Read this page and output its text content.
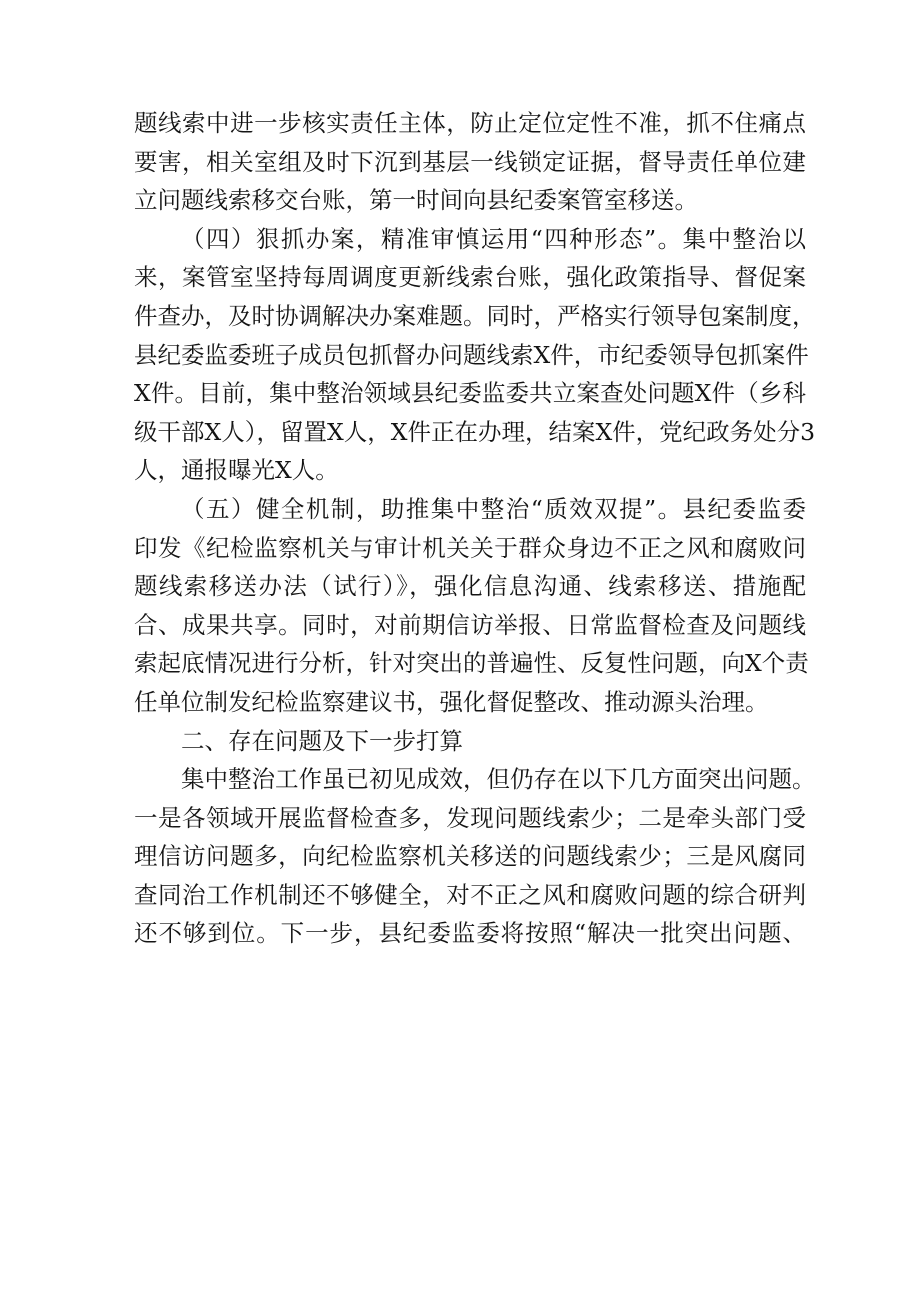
题线索中进一步核实责任主体，防止定位定性不准，抓不住痛点
要害，相关室组及时下沉到基层一线锁定证据，督导责任单位建
立问题线索移交台账，第一时间向县纪委案管室移送。
（四）狠抓办案，精准审慎运用“四种形态”。集中整治以
来，案管室坚持每周调度更新线索台账，强化政策指导、督促案
件查办，及时协调解决办案难题。同时，严格实行领导包案制度，
县纪委监委班子成员包抓督办问题线索X件，市纪委领导包抓案件
X件。目前，集中整治领域县纪委监委共立案查处问题X件（乡科
级干部X人），留置X人，X件正在办理，结案X件，党纪政务处分3
人，通报曝光X人。
（五）健全机制，助推集中整治“质效双提”。县纪委监委
印发《纪检监察机关与审计机关关于群众身边不正之风和腐败问
题线索移送办法（试行）》，强化信息沟通、线索移送、措施配
合、成果共享。同时，对前期信访举报、日常监督检查及问题线
索起底情况进行分析，针对突出的普遍性、反复性问题，向X个责
任单位制发纪检监察建议书，强化督促整改、推动源头治理。
二、存在问题及下一步打算
集中整治工作虽已初见成效，但仍存在以下几方面突出问题。
一是各领域开展监督检查多，发现问题线索少；二是牵头部门受
理信访问题多，向纪检监察机关移送的问题线索少；三是风腐同
查同治工作机制还不够健全，对不正之风和腐败问题的综合研判
还不够到位。下一步，县纪委监委将按照“解决一批突出问题、
